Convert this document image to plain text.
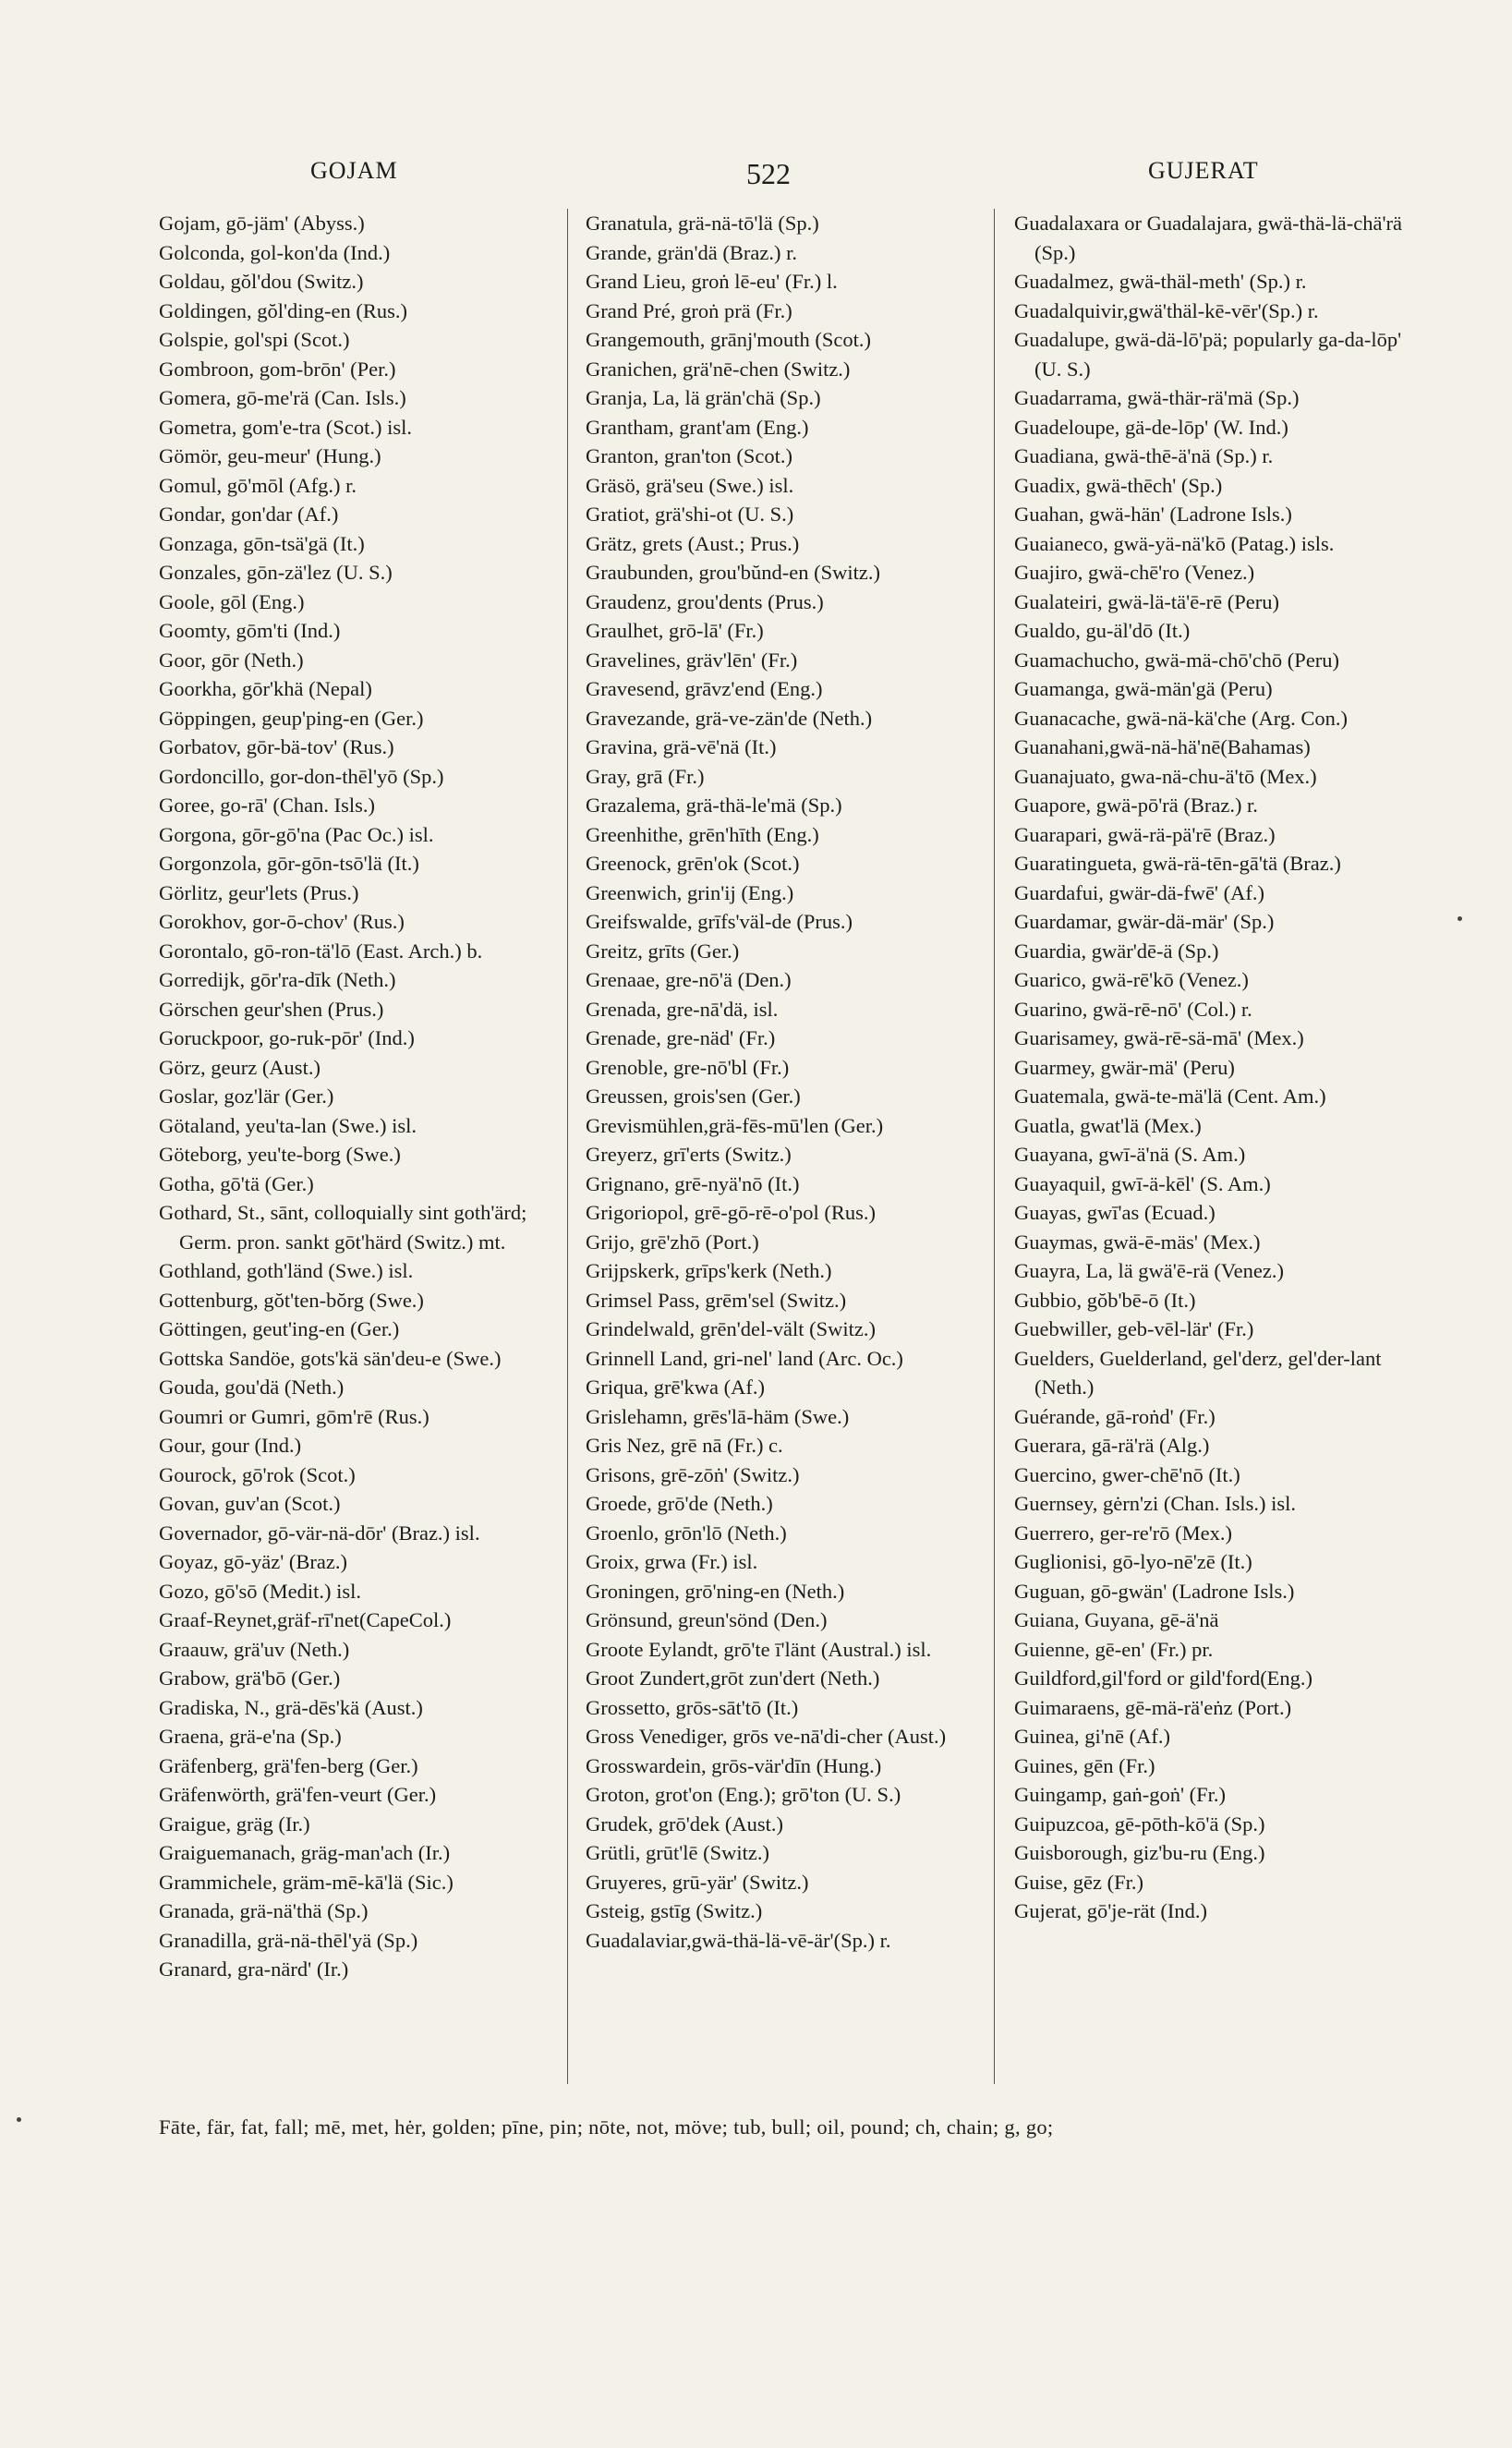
GOJAM	522	GUJERAT
Gojam, gō-jäm' (Abyss.)
Golconda, gol-kon'da (Ind.)
Goldau, gŏl'dou (Switz.)
Goldingen, gŏl'ding-en (Rus.)
Golspie, gol'spi (Scot.)
Gombroon, gom-brōn' (Per.)
Gomera, gō-me'rä (Can. Isls.)
Gometra, gom'e-tra (Scot.) isl.
Gömör, geu-meur' (Hung.)
Gomul, gō'mōl (Afg.) r.
Gondar, gon'dar (Af.)
Gonzaga, gōn-tsä'gä (It.)
Gonzales, gōn-zä'lez (U. S.)
Goole, gōl (Eng.)
Goomty, gōm'ti (Ind.)
Goor, gōr (Neth.)
Goorkha, gōr'khä (Nepal)
Göppingen, geup'ping-en (Ger.)
Gorbatov, gōr-bä-tov' (Rus.)
Gordoncillo, gor-don-thēl'yō (Sp.)
Goree, go-rā' (Chan. Isls.)
Gorgona, gōr-gō'na (Pac Oc.) isl.
Gorgonzola, gōr-gōn-tsō'lä (It.)
Görlitz, geur'lets (Prus.)
Gorokhov, gor-ō-chov' (Rus.)
Gorontalo, gō-ron-tä'lō (East. Arch.) b.
Gorredijk, gōr'ra-dīk (Neth.)
Görschen geur'shen (Prus.)
Goruckpoor, go-ruk-pōr' (Ind.)
Görz, geurz (Aust.)
Goslar, goz'lär (Ger.)
Götaland, yeu'ta-lan (Swe.) isl.
Göteborg, yeu'te-borg (Swe.)
Gotha, gō'tä (Ger.)
Gothard, St., sānt, colloquially sint goth'ärd; Germ. pron. sankt gōt'härd (Switz.) mt.
Gothland, goth'länd (Swe.) isl.
Gottenburg, gŏt'ten-bŏrg (Swe.)
Göttingen, geut'ing-en (Ger.)
Gottska Sandöe, gots'kä sän'deu-e (Swe.)
Gouda, gou'dä (Neth.)
Goumri or Gumri, gōm'rē (Rus.)
Gour, gour (Ind.)
Gourock, gō'rok (Scot.)
Govan, guv'an (Scot.)
Governador, gō-vär-nä-dōr' (Braz.) isl.
Goyaz, gō-yäz' (Braz.)
Gozo, gō'sō (Medit.) isl.
Graaf-Reynet,gräf-rī'net(CapeCol.)
Graauw, grä'uv (Neth.)
Grabow, grä'bō (Ger.)
Gradiska, N., grä-dēs'kä (Aust.)
Graena, grä-e'na (Sp.)
Gräfenberg, grä'fen-berg (Ger.)
Gräfenwörth, grä'fen-veurt (Ger.)
Graigue, gräg (Ir.)
Graiguemanach, gräg-man'ach (Ir.)
Grammichele, gräm-mē-kā'lä (Sic.)
Granada, grä-nä'thä (Sp.)
Granadilla, grä-nä-thēl'yä (Sp.)
Granard, gra-närd' (Ir.)
Granatula, grä-nä-tō'lä (Sp.)
Grande, grän'dä (Braz.) r.
Grand Lieu, groṅ lē-eu' (Fr.) l.
Grand Pré, groṅ prä (Fr.)
Grangemouth, grānj'mouth (Scot.)
Granichen, grä'nē-chen (Switz.)
Granja, La, lä grän'chä (Sp.)
Grantham, grant'am (Eng.)
Granton, gran'ton (Scot.)
Gräsö, grä'seu (Swe.) isl.
Gratiot, grä'shi-ot (U. S.)
Grätz, grets (Aust.; Prus.)
Graubunden, grou'bŭnd-en (Switz.)
Graudenz, grou'dents (Prus.)
Graulhet, grō-lā' (Fr.)
Gravelines, gräv'lēn' (Fr.)
Gravesend, grāvz'end (Eng.)
Gravezande, grä-ve-zän'de (Neth.)
Gravina, grä-vē'nä (It.)
Gray, grā (Fr.)
Grazalema, grä-thä-le'mä (Sp.)
Greenhithe, grēn'hīth (Eng.)
Greenock, grēn'ok (Scot.)
Greenwich, grin'ij (Eng.)
Greifswalde, grīfs'väl-de (Prus.)
Greitz, grīts (Ger.)
Grenaae, gre-nō'ä (Den.)
Grenada, gre-nā'dä, isl.
Grenade, gre-näd' (Fr.)
Grenoble, gre-nō'bl (Fr.)
Greussen, grois'sen (Ger.)
Grevismühlen,grä-fēs-mū'len (Ger.)
Greyerz, grī'erts (Switz.)
Grignano, grē-nyä'nō (It.)
Grigoriopol, grē-gō-rē-o'pol (Rus.)
Grijo, grē'zhō (Port.)
Grijpskerk, grīps'kerk (Neth.)
Grimsel Pass, grēm'sel (Switz.)
Grindelwald, grēn'del-vält (Switz.)
Grinnell Land, gri-nel' land (Arc. Oc.)
Griqua, grē'kwa (Af.)
Grislehamn, grēs'lā-häm (Swe.)
Gris Nez, grē nā (Fr.) c.
Grisons, grē-zōṅ' (Switz.)
Groede, grō'de (Neth.)
Groenlo, grōn'lō (Neth.)
Groix, grwa (Fr.) isl.
Groningen, grō'ning-en (Neth.)
Grönsund, greun'sönd (Den.)
Groote Eylandt, grō'te ī'länt (Austral.) isl.
Groot Zundert,grōt zun'dert (Neth.)
Grossetto, grōs-sāt'tō (It.)
Gross Venediger, grōs ve-nā'di-cher (Aust.)
Grosswardein, grōs-vär'dīn (Hung.)
Groton, grot'on (Eng.); grō'ton (U. S.)
Grudek, grō'dek (Aust.)
Grütli, grūt'lē (Switz.)
Gruyeres, grū-yär' (Switz.)
Gsteig, gstīg (Switz.)
Guadalaviar,gwä-thä-lä-vē-är'(Sp.) r.
Guadalaxara or Guadalajara, gwä-thä-lä-chä'rä (Sp.)
Guadalmez, gwä-thäl-meth' (Sp.) r.
Guadalquivir,gwä'thäl-kē-vēr'(Sp.) r.
Guadalupe, gwä-dä-lō'pä; popularly ga-da-lōp' (U. S.)
Guadarrama, gwä-thär-rä'mä (Sp.)
Guadeloupe, gä-de-lōp' (W. Ind.)
Guadiana, gwä-thē-ä'nä (Sp.) r.
Guadix, gwä-thēch' (Sp.)
Guahan, gwä-hän' (Ladrone Isls.)
Guaianeco, gwä-yä-nä'kō (Patag.) isls.
Guajiro, gwä-chē'ro (Venez.)
Gualateiri, gwä-lä-tä'ē-rē (Peru)
Gualdo, gu-äl'dō (It.)
Guamachucho, gwä-mä-chō'chō (Peru)
Guamanga, gwä-män'gä (Peru)
Guanacache, gwä-nä-kä'che (Arg. Con.)
Guanahani,gwä-nä-hä'nē(Bahamas)
Guanajuato, gwa-nä-chu-ä'tō (Mex.)
Guapore, gwä-pō'rä (Braz.) r.
Guarapari, gwä-rä-pä'rē (Braz.)
Guaratingueta, gwä-rä-tēn-gā'tä (Braz.)
Guardafui, gwär-dä-fwē' (Af.)
Guardamar, gwär-dä-mär' (Sp.)
Guardia, gwär'dē-ä (Sp.)
Guarico, gwä-rē'kō (Venez.)
Guarino, gwä-rē-nō' (Col.) r.
Guarisamey, gwä-rē-sä-mā' (Mex.)
Guarmey, gwär-mä' (Peru)
Guatemala, gwä-te-mä'lä (Cent. Am.)
Guatla, gwat'lä (Mex.)
Guayana, gwī-ä'nä (S. Am.)
Guayaquil, gwī-ä-kēl' (S. Am.)
Guayas, gwī'as (Ecuad.)
Guaymas, gwä-ē-mäs' (Mex.)
Guayra, La, lä gwä'ē-rä (Venez.)
Gubbio, gŏb'bē-ō (It.)
Guebwiller, geb-vēl-lär' (Fr.)
Guelders, Guelderland, gel'derz, gel'der-lant (Neth.)
Guérande, gā-roṅd' (Fr.)
Guerara, gā-rä'rä (Alg.)
Guercino, gwer-chē'nō (It.)
Guernsey, gėrn'zi (Chan. Isls.) isl.
Guerrero, ger-re'rō (Mex.)
Guglionisi, gō-lyo-nē'zē (It.)
Guguan, gō-gwän' (Ladrone Isls.)
Guiana, Guyana, gē-ä'nä
Guienne, gē-en' (Fr.) pr.
Guildford,gil'ford or gild'ford(Eng.)
Guimaraens, gē-mä-rä'eṅz (Port.)
Guinea, gi'nē (Af.)
Guines, gēn (Fr.)
Guingamp, gaṅ-goṅ' (Fr.)
Guipuzcoa, gē-pōth-kō'ä (Sp.)
Guisborough, giz'bu-ru (Eng.)
Guise, gēz (Fr.)
Gujerat, gō'je-rät (Ind.)
Fāte, fär, fat, fall; mē, met, hėr, golden; pīne, pin; nōte, not, möve; tub, bull; oil, pound; ch, chain; g, go;
